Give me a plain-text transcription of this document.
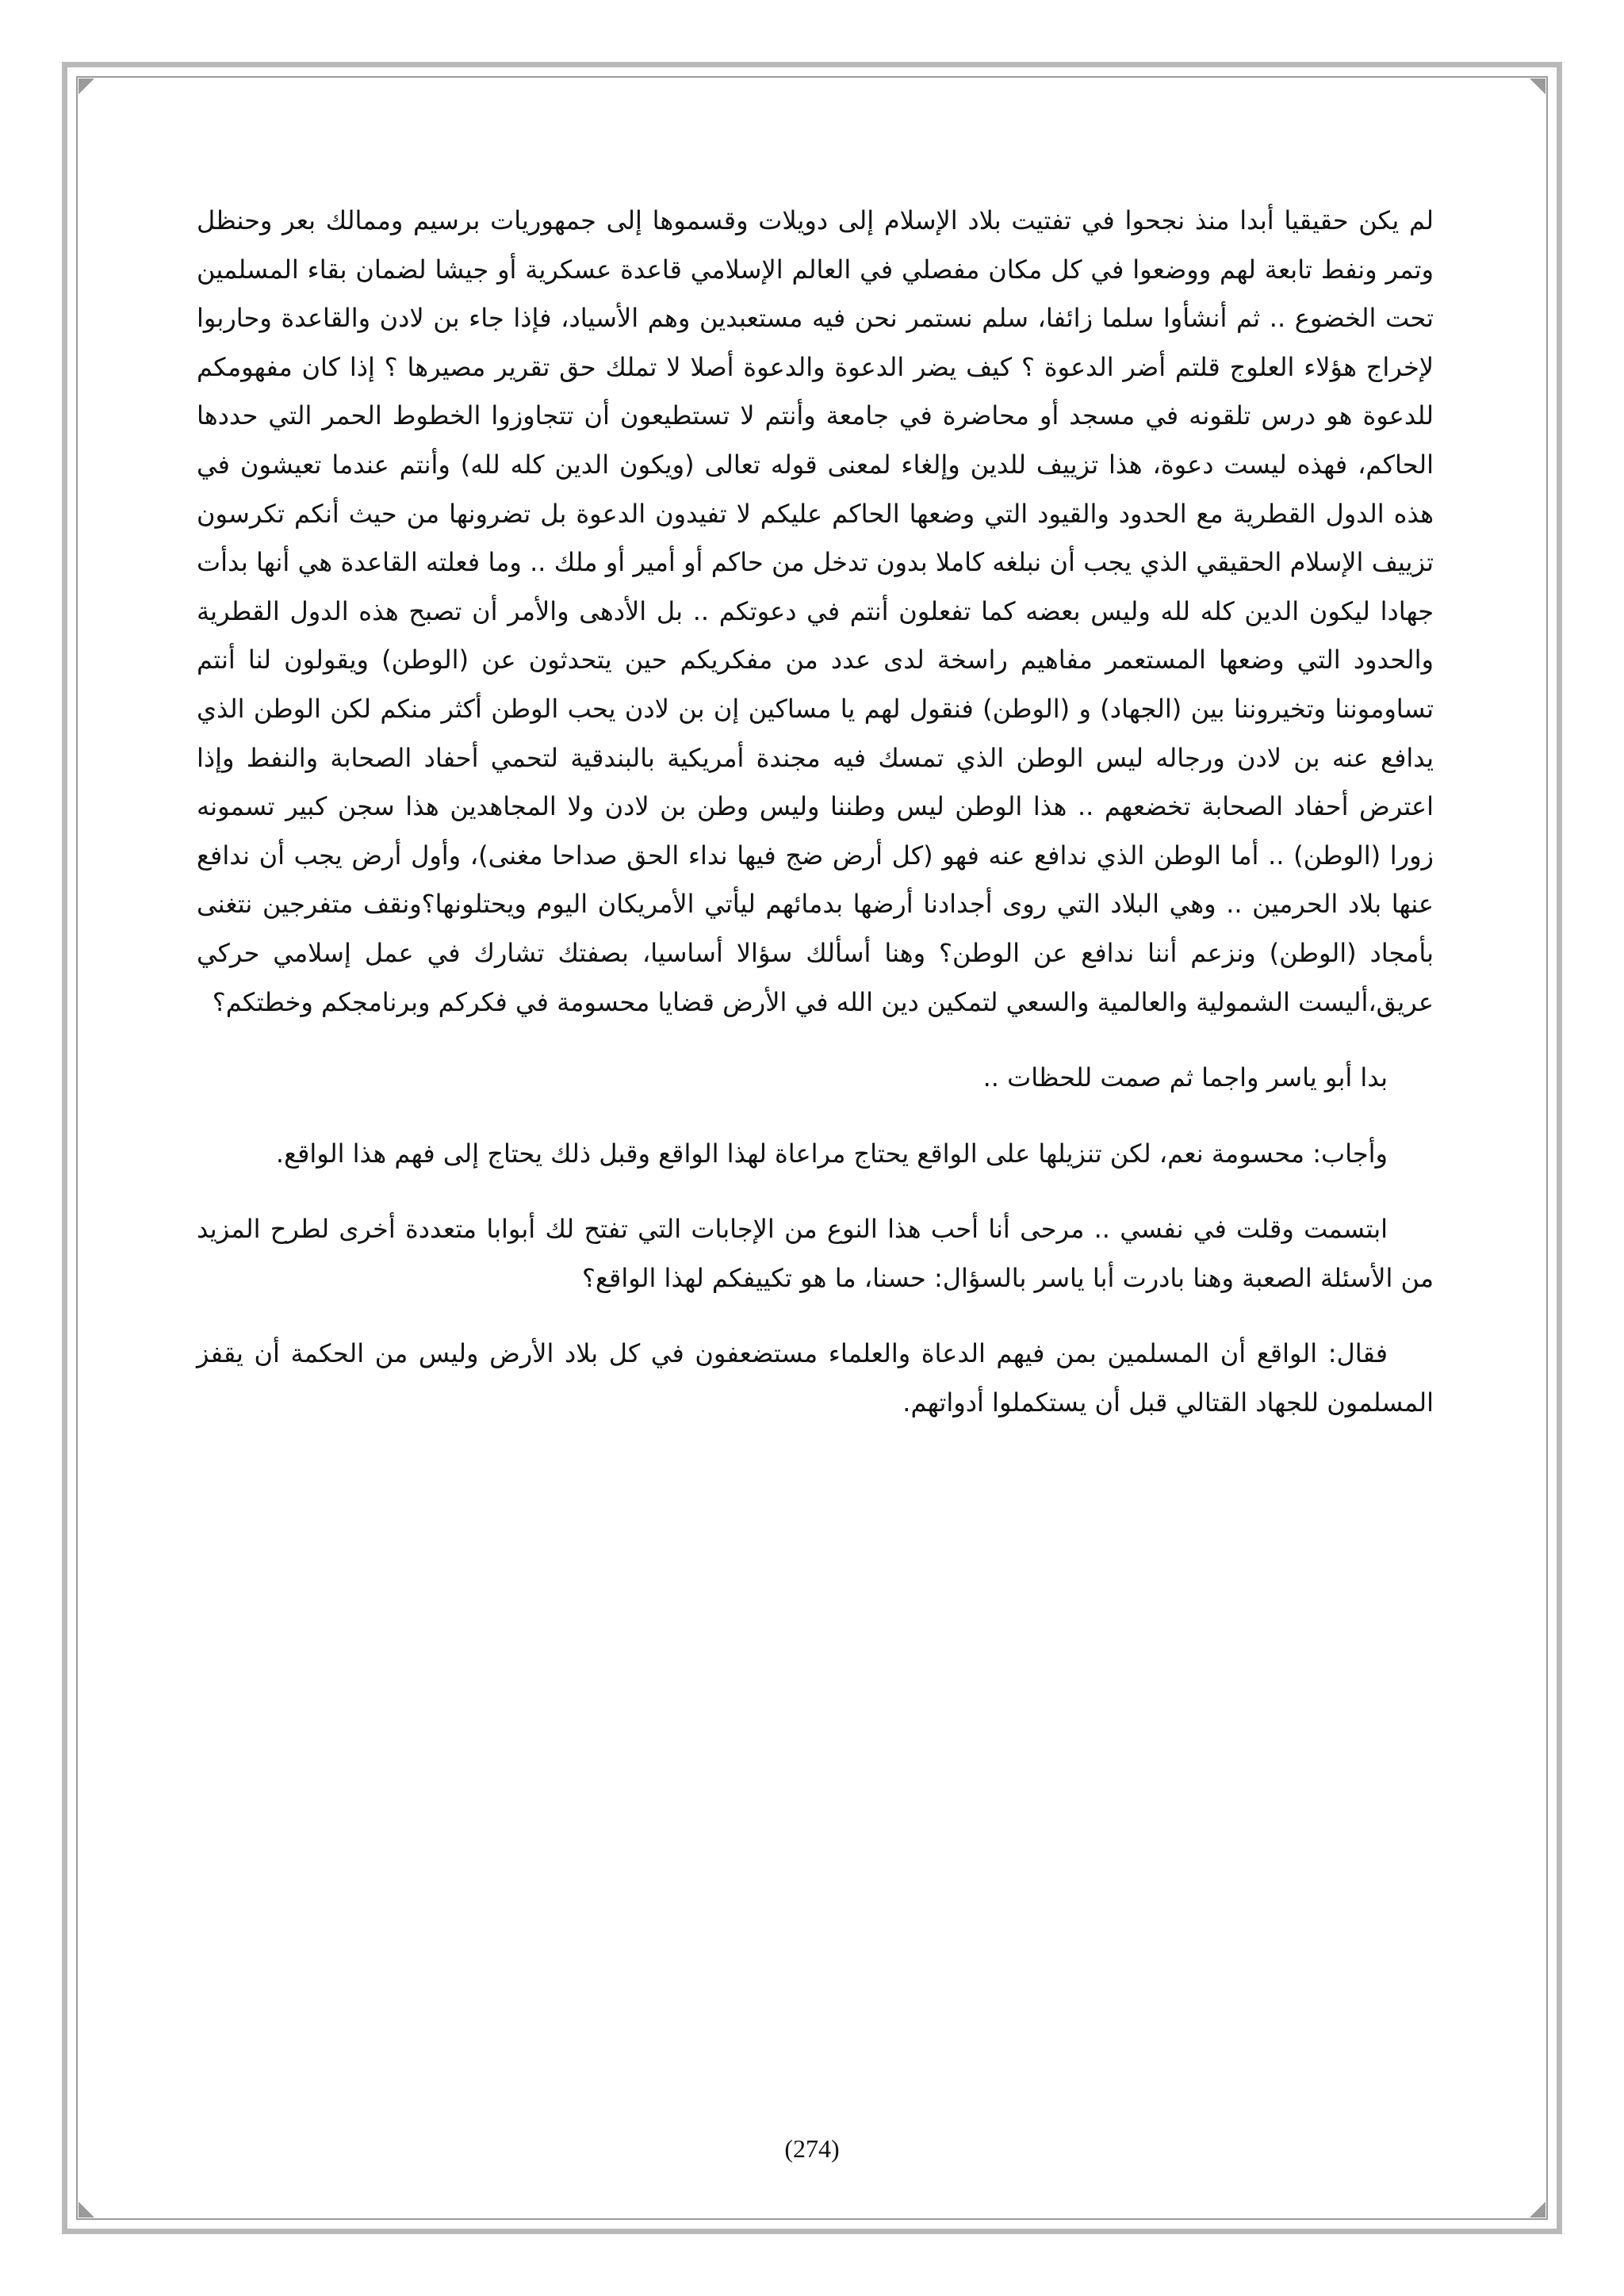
لم يكن حقيقيا أبدا منذ نجحوا في تفتيت بلاد الإسلام إلى دويلات وقسموها إلى جمهوريات برسيم وممالك بعر وحنظل وتمر ونفط تابعة لهم ووضعوا في كل مكان مفصلي في العالم الإسلامي قاعدة عسكرية أو جيشا لضمان بقاء المسلمين تحت الخضوع .. ثم أنشأوا سلما زائفا، سلم نستمر نحن فيه مستعبدين وهم الأسياد، فإذا جاء بن لادن والقاعدة وحاربوا لإخراج هؤلاء العلوج قلتم أضر الدعوة ؟ كيف يضر الدعوة والدعوة أصلا لا تملك حق تقرير مصيرها ؟ إذا كان مفهومكم للدعوة هو درس تلقونه في مسجد أو محاضرة في جامعة وأنتم لا تستطيعون أن تتجاوزوا الخطوط الحمر التي حددها الحاكم، فهذه ليست دعوة، هذا تزييف للدين وإلغاء لمعنى قوله تعالى (ويكون الدين كله لله) وأنتم عندما تعيشون في هذه الدول القطرية مع الحدود والقيود التي وضعها الحاكم عليكم لا تفيدون الدعوة بل تضرونها من حيث أنكم تكرسون تزييف الإسلام الحقيقي الذي يجب أن نبلغه كاملا بدون تدخل من حاكم أو أمير أو ملك .. وما فعلته القاعدة هي أنها بدأت جهادا ليكون الدين كله لله وليس بعضه كما تفعلون أنتم في دعوتكم .. بل الأدهى والأمر أن تصبح هذه الدول القطرية والحدود التي وضعها المستعمر مفاهيم راسخة لدى عدد من مفكريكم حين يتحدثون عن (الوطن) ويقولون لنا أنتم تساوموننا وتخيروننا بين (الجهاد) و (الوطن) فنقول لهم يا مساكين إن بن لادن يحب الوطن أكثر منكم لكن الوطن الذي يدافع عنه بن لادن ورجاله ليس الوطن الذي تمسك فيه مجندة أمريكية بالبندقية لتحمي أحفاد الصحابة والنفط وإذا اعترض أحفاد الصحابة تخضعهم .. هذا الوطن ليس وطننا وليس وطن بن لادن ولا المجاهدين هذا سجن كبير تسمونه زورا (الوطن) .. أما الوطن الذي ندافع عنه فهو (كل أرض ضج فيها نداء الحق صداحا مغنى)، وأول أرض يجب أن ندافع عنها بلاد الحرمين .. وهي البلاد التي روى أجدادنا أرضها بدمائهم ليأتي الأمريكان اليوم ويحتلونها؟ونقف متفرجين نتغنى بأمجاد (الوطن) ونزعم أننا ندافع عن الوطن؟ وهنا أسألك سؤالا أساسيا، بصفتك تشارك في عمل إسلامي حركي عريق،أليست الشمولية والعالمية والسعي لتمكين دين الله في الأرض قضايا محسومة في فكركم وبرنامجكم وخطتكم؟

بدا أبو ياسر واجما ثم صمت للحظات ..

وأجاب: محسومة نعم، لكن تنزيلها على الواقع يحتاج مراعاة لهذا الواقع وقبل ذلك يحتاج إلى فهم هذا الواقع.

ابتسمت وقلت في نفسي .. مرحى أنا أحب هذا النوع من الإجابات التي تفتح لك أبوابا متعددة أخرى لطرح المزيد من الأسئلة الصعبة وهنا بادرت أبا ياسر بالسؤال: حسنا، ما هو تكييفكم لهذا الواقع؟

فقال: الواقع أن المسلمين بمن فيهم الدعاة والعلماء مستضعفون في كل بلاد الأرض وليس من الحكمة أن يقفز المسلمون للجهاد القتالي قبل أن يستكملوا أدواتهم.

(274)
